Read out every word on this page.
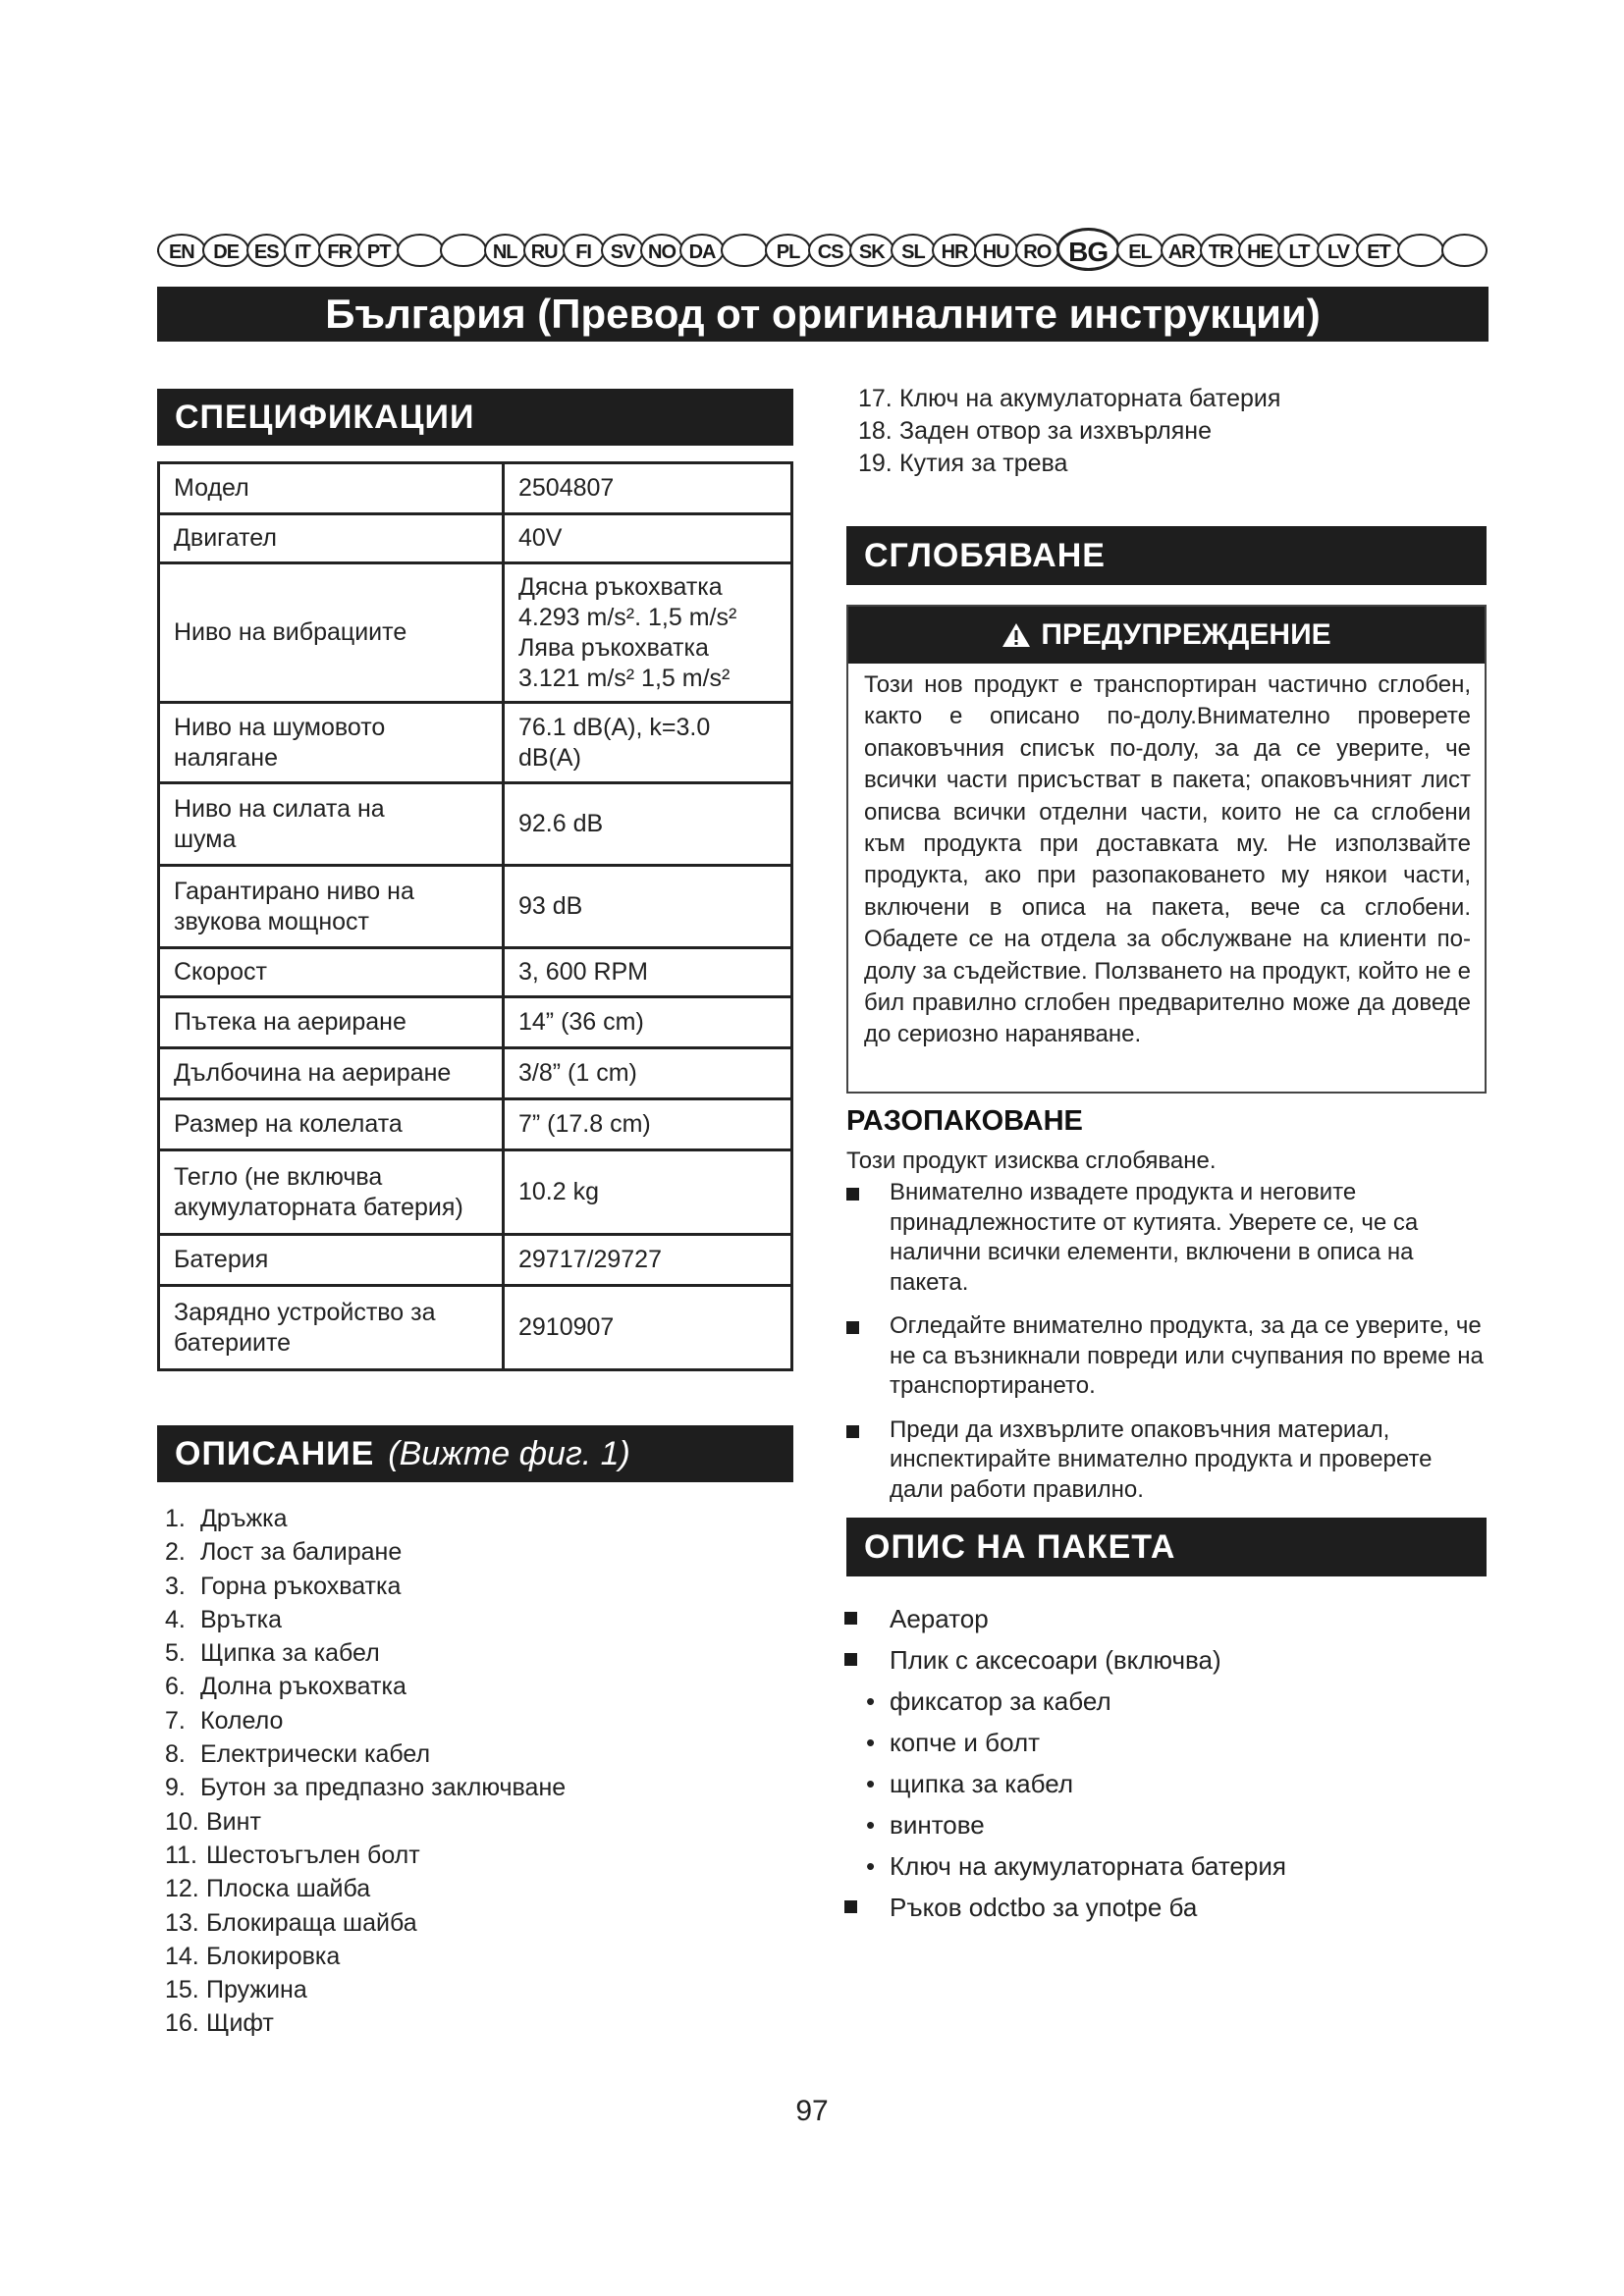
EN DE ES IT FR PT	NL RU FI SV NO DA	PL CS SK SL HR HU RO BG	EL AR TR HE LT LV ET
България (Превод от оригиналните инструкции)
СПЕЦИФИКАЦИИ
Модел	2504807
Двигател	40V
Ниво на вибрациите	Дясна ръкохватка
4.293 m/s². 1,5 m/s²
Лява ръкохватка
3.121 m/s² 1,5 m/s²
Ниво на шумовото
налягане	76.1 dB(A), k=3.0
dB(A)
Ниво на силата на
шума	92.6 dB
Гарантирано ниво на
звукова мощност	93 dB
Скорост	3, 600 RPM
Пътека на аериране	14” (36 cm)
Дълбочина на аериране	3/8” (1 cm)
Размер на колелата	7” (17.8 cm)
Тегло (не включва
акумулаторната батерия)	10.2 kg
Батерия	29717/29727
Зарядно устройство за
батериите	2910907
ОПИСАНИЕ (Вижте фиг. 1)
1. Дръжка
2. Лост за балиране
3. Горна ръкохватка
4. Врътка
5. Щипка за кабел
6. Долна ръкохватка
7. Колело
8. Електрически кабел
9. Бутон за предпазно заключване
10. Винт
11. Шестоъгълен болт
12. Плоска шайба
13. Блокираща шайба
14. Блокировка
15. Пружина
16. Щифт
17. Ключ на акумулаторната батерия
18. Заден отвор за изхвърляне
19. Кутия за трева
СГЛОБЯВАНЕ
ПРЕДУПРЕЖДЕНИЕ
Този нов продукт е транспортиран частично сглобен, както е описано по-долу.Внимателно проверете опаковъчния списък по-долу, за да се уверите, че всички части присъстват в пакета; опаковъчният лист описва всички отделни части, които не са сглобени към продукта при доставката му. Не използвайте продукта, ако при разопаковането му някои части, включени в описа на пакета, вече са сглобени. Обадете се на отдела за обслужване на клиенти по-долу за съдействие. Ползването на продукт, който не е бил правилно сглобен предварително може да доведе до сериозно нараняване.
РАЗОПАКОВАНЕ
Този продукт изисква сглобяване.
Внимателно извадете продукта и неговите принадлежностите от кутията. Уверете се, че са налични всички елементи, включени в описа на пакета.
Огледайте внимателно продукта, за да се уверите, че не са възникнали повреди или счупвания по време на транспортирането.
Преди да изхвърлите опаковъчния материал, инспектирайте внимателно продукта и проверете дали работи правилно.
ОПИС НА ПАКЕТА
Аератор
Плик с аксесоари (включва)
• фиксатор за кабел
• копче и болт
• щипка за кабел
• винтове
• Ключ на акумулаторната батерия
Ръков odctbo за упоtpe ба
97
